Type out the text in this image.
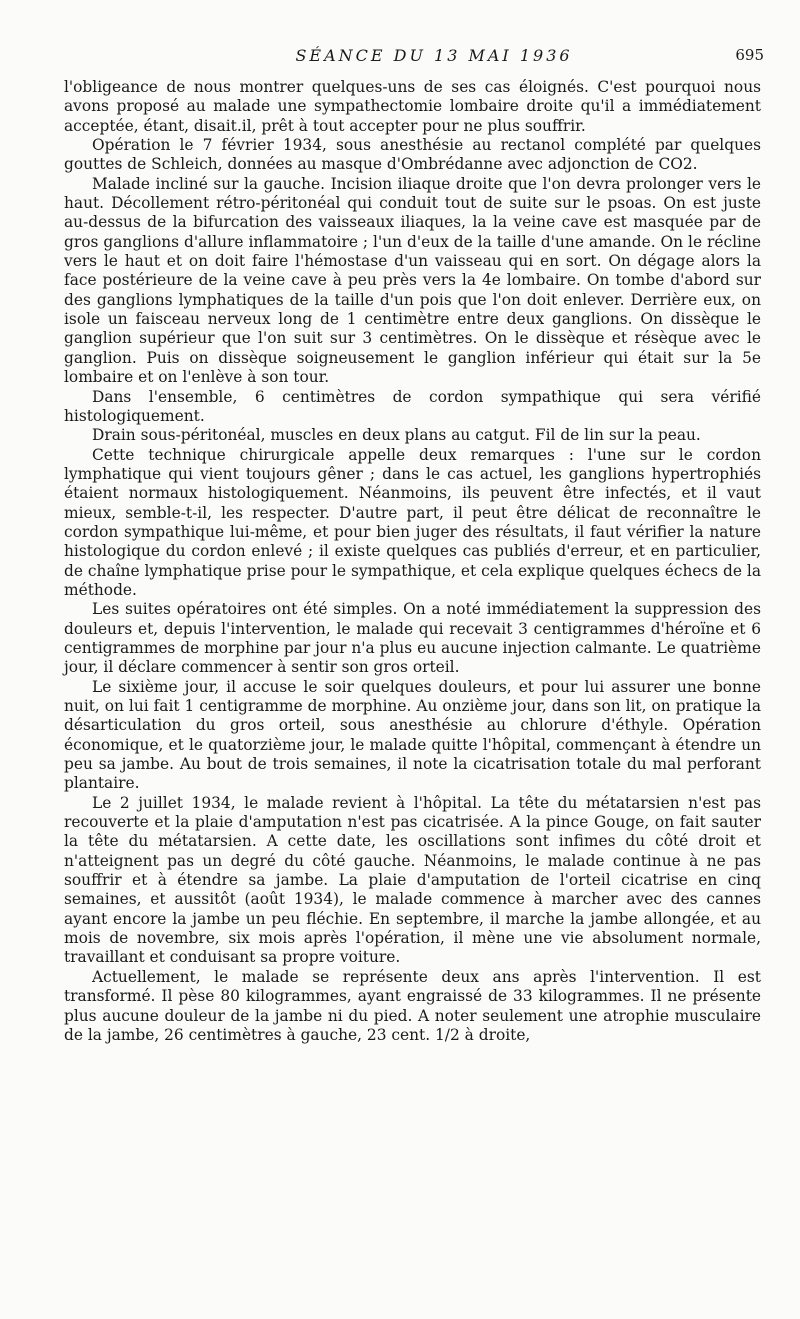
SÉANCE DU 13 MAI 1936	695

l'obligeance de nous montrer quelques-uns de ses cas éloignés. C'est pourquoi nous avons proposé au malade une sympathectomie lombaire droite qu'il a immédiatement acceptée, étant, disait.il, prêt à tout accepter pour ne plus souffrir.

Opération le 7 février 1934, sous anesthésie au rectanol complété par quelques gouttes de Schleich, données au masque d'Ombrédanne avec adjonction de CO2.

Malade incliné sur la gauche. Incision iliaque droite que l'on devra prolonger vers le haut. Décollement rétro-péritonéal qui conduit tout de suite sur le psoas. On est juste au-dessus de la bifurcation des vaisseaux iliaques, la la veine cave est masquée par de gros ganglions d'allure inflammatoire ; l'un d'eux de la taille d'une amande. On le récline vers le haut et on doit faire l'hémostase d'un vaisseau qui en sort. On dégage alors la face postérieure de la veine cave à peu près vers la 4e lombaire. On tombe d'abord sur des ganglions lymphatiques de la taille d'un pois que l'on doit enlever. Derrière eux, on isole un faisceau nerveux long de 1 centimètre entre deux ganglions. On dissèque le ganglion supérieur que l'on suit sur 3 centimètres. On le dissèque et résèque avec le ganglion. Puis on dissèque soigneusement le ganglion inférieur qui était sur la 5e lombaire et on l'enlève à son tour.

Dans l'ensemble, 6 centimètres de cordon sympathique qui sera vérifié histologiquement.

Drain sous-péritonéal, muscles en deux plans au catgut. Fil de lin sur la peau.

Cette technique chirurgicale appelle deux remarques : l'une sur le cordon lymphatique qui vient toujours gêner ; dans le cas actuel, les ganglions hypertrophiés étaient normaux histologiquement. Néanmoins, ils peuvent être infectés, et il vaut mieux, semble-t-il, les respecter. D'autre part, il peut être délicat de reconnaître le cordon sympathique lui-même, et pour bien juger des résultats, il faut vérifier la nature histologique du cordon enlevé ; il existe quelques cas publiés d'erreur, et en particulier, de chaîne lymphatique prise pour le sympathique, et cela explique quelques échecs de la méthode.

Les suites opératoires ont été simples. On a noté immédiatement la suppression des douleurs et, depuis l'intervention, le malade qui recevait 3 centigrammes d'héroïne et 6 centigrammes de morphine par jour n'a plus eu aucune injection calmante. Le quatrième jour, il déclare commencer à sentir son gros orteil.

Le sixième jour, il accuse le soir quelques douleurs, et pour lui assurer une bonne nuit, on lui fait 1 centigramme de morphine. Au onzième jour, dans son lit, on pratique la désarticulation du gros orteil, sous anesthésie au chlorure d'éthyle. Opération économique, et le quatorzième jour, le malade quitte l'hôpital, commençant à étendre un peu sa jambe. Au bout de trois semaines, il note la cicatrisation totale du mal perforant plantaire.

Le 2 juillet 1934, le malade revient à l'hôpital. La tête du métatarsien n'est pas recouverte et la plaie d'amputation n'est pas cicatrisée. A la pince Gouge, on fait sauter la tête du métatarsien. A cette date, les oscillations sont infimes du côté droit et n'atteignent pas un degré du côté gauche. Néanmoins, le malade continue à ne pas souffrir et à étendre sa jambe. La plaie d'amputation de l'orteil cicatrise en cinq semaines, et aussitôt (août 1934), le malade commence à marcher avec des cannes ayant encore la jambe un peu fléchie. En septembre, il marche la jambe allongée, et au mois de novembre, six mois après l'opération, il mène une vie absolument normale, travaillant et conduisant sa propre voiture.

Actuellement, le malade se représente deux ans après l'intervention. Il est transformé. Il pèse 80 kilogrammes, ayant engraissé de 33 kilogrammes. Il ne présente plus aucune douleur de la jambe ni du pied. A noter seulement une atrophie musculaire de la jambe, 26 centimètres à gauche, 23 cent. 1/2 à droite,
